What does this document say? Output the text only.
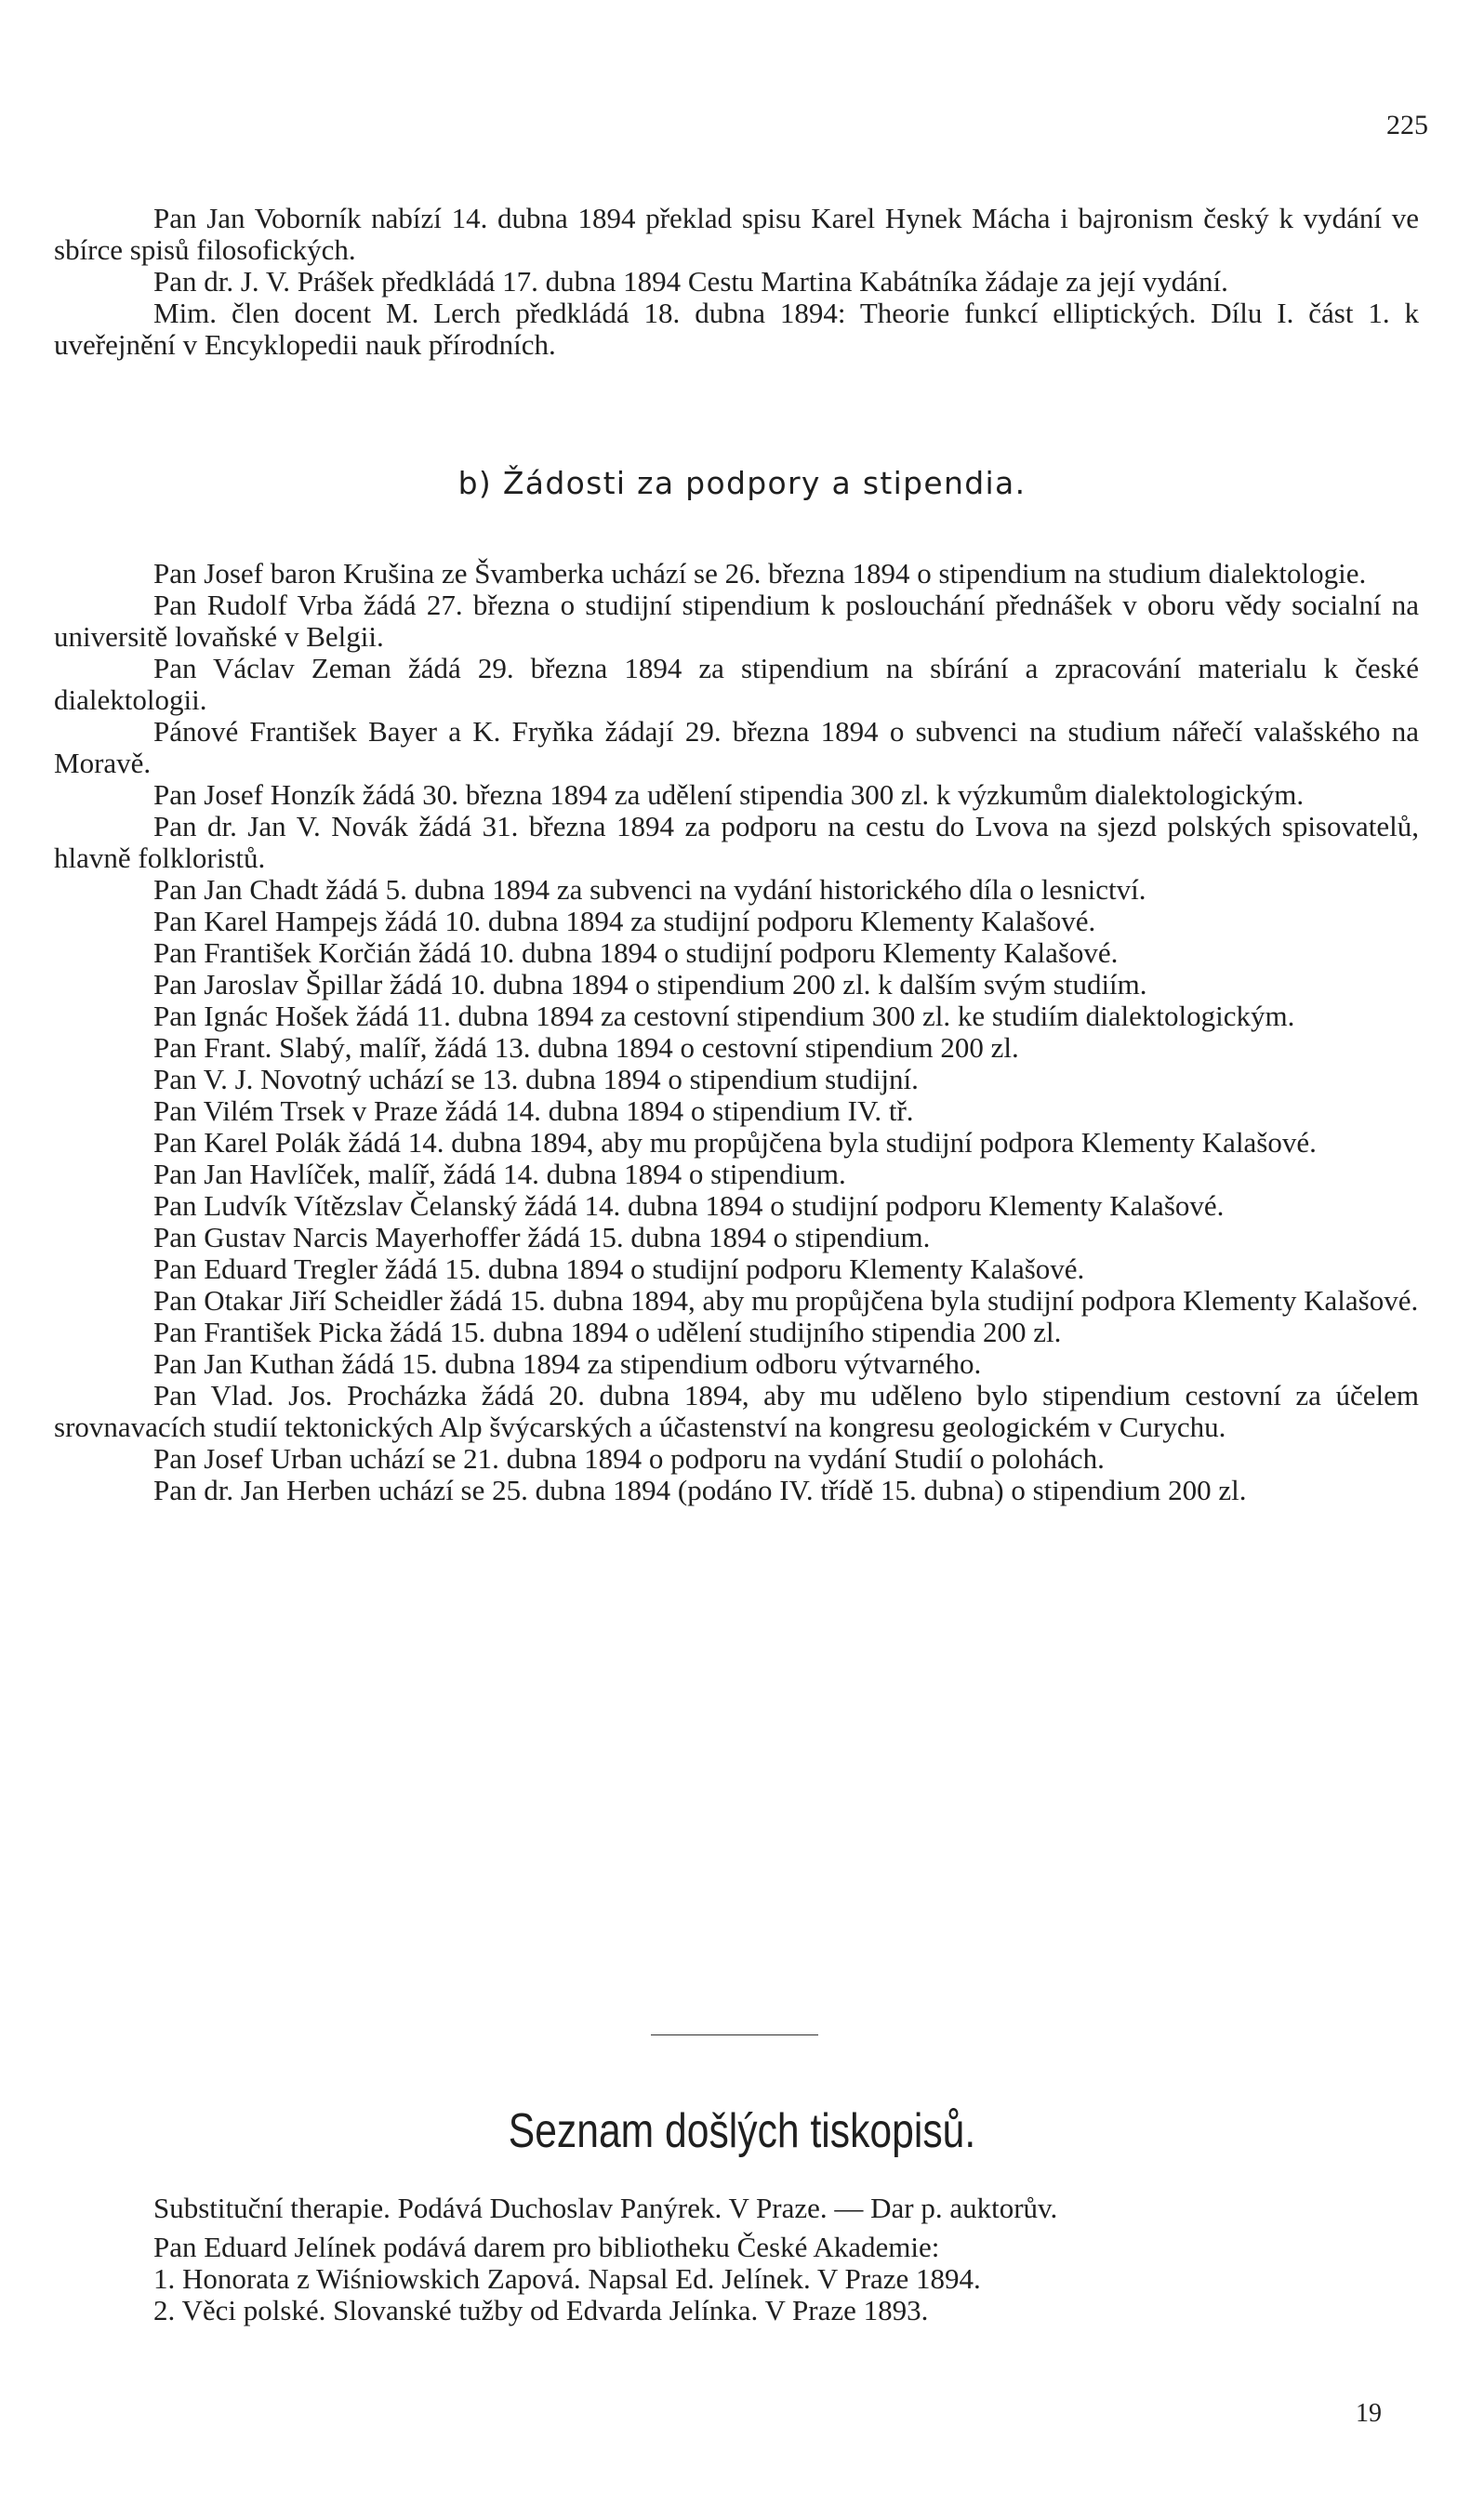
225

Pan Jan Voborník nabízí 14. dubna 1894 překlad spisu Karel Hynek Mácha i bajronism český k vydání ve sbírce spisů filosofických.

Pan dr. J. V. Prášek předkládá 17. dubna 1894 Cestu Martina Kabátníka žádaje za její vydání.

Mim. člen docent M. Lerch předkládá 18. dubna 1894: Theorie funkcí elliptických. Dílu I. část 1. k uveřejnění v Encyklopedii nauk přírodních.

b) Žádosti za podpory a stipendia.

Pan Josef baron Krušina ze Švamberka uchází se 26. března 1894 o stipendium na studium dialektologie.

Pan Rudolf Vrba žádá 27. března o studijní stipendium k poslouchání přednášek v oboru vědy socialní na universitě lovaňské v Belgii.

Pan Václav Zeman žádá 29. března 1894 za stipendium na sbírání a zpracování materialu k české dialektologii.

Pánové František Bayer a K. Fryňka žádají 29. března 1894 o subvenci na studium nářečí valašského na Moravě.

Pan Josef Honzík žádá 30. března 1894 za udělení stipendia 300 zl. k výzkumům dialektologickým.

Pan dr. Jan V. Novák žádá 31. března 1894 za podporu na cestu do Lvova na sjezd polských spisovatelů, hlavně folkloristů.

Pan Jan Chadt žádá 5. dubna 1894 za subvenci na vydání historického díla o lesnictví.

Pan Karel Hampejs žádá 10. dubna 1894 za studijní podporu Klementy Kalašové.

Pan František Korčián žádá 10. dubna 1894 o studijní podporu Klementy Kalašové.

Pan Jaroslav Špillar žádá 10. dubna 1894 o stipendium 200 zl. k dalším svým studiím.

Pan Ignác Hošek žádá 11. dubna 1894 za cestovní stipendium 300 zl. ke studiím dialektologickým.

Pan Frant. Slabý, malíř, žádá 13. dubna 1894 o cestovní stipendium 200 zl.

Pan V. J. Novotný uchází se 13. dubna 1894 o stipendium studijní.

Pan Vilém Trsek v Praze žádá 14. dubna 1894 o stipendium IV. tř.

Pan Karel Polák žádá 14. dubna 1894, aby mu propůjčena byla studijní podpora Klementy Kalašové.

Pan Jan Havlíček, malíř, žádá 14. dubna 1894 o stipendium.

Pan Ludvík Vítězslav Čelanský žádá 14. dubna 1894 o studijní podporu Klementy Kalašové.

Pan Gustav Narcis Mayerhoffer žádá 15. dubna 1894 o stipendium.

Pan Eduard Tregler žádá 15. dubna 1894 o studijní podporu Klementy Kalašové.

Pan Otakar Jiří Scheidler žádá 15. dubna 1894, aby mu propůjčena byla studijní podpora Klementy Kalašové.

Pan František Picka žádá 15. dubna 1894 o udělení studijního stipendia 200 zl.

Pan Jan Kuthan žádá 15. dubna 1894 za stipendium odboru výtvarného.

Pan Vlad. Jos. Procházka žádá 20. dubna 1894, aby mu uděleno bylo stipendium cestovní za účelem srovnavacích studií tektonických Alp švýcarských a účastenství na kongresu geologickém v Curychu.

Pan Josef Urban uchází se 21. dubna 1894 o podporu na vydání Studií o polohách.

Pan dr. Jan Herben uchází se 25. dubna 1894 (podáno IV. třídě 15. dubna) o stipendium 200 zl.

Seznam došlých tiskopisů.

Substituční therapie. Podává Duchoslav Panýrek. V Praze. — Dar p. auktorův.

Pan Eduard Jelínek podává darem pro bibliotheku České Akademie:

1. Honorata z Wiśniowskich Zapová. Napsal Ed. Jelínek. V Praze 1894.

2. Věci polské. Slovanské tužby od Edvarda Jelínka. V Praze 1893.

19
